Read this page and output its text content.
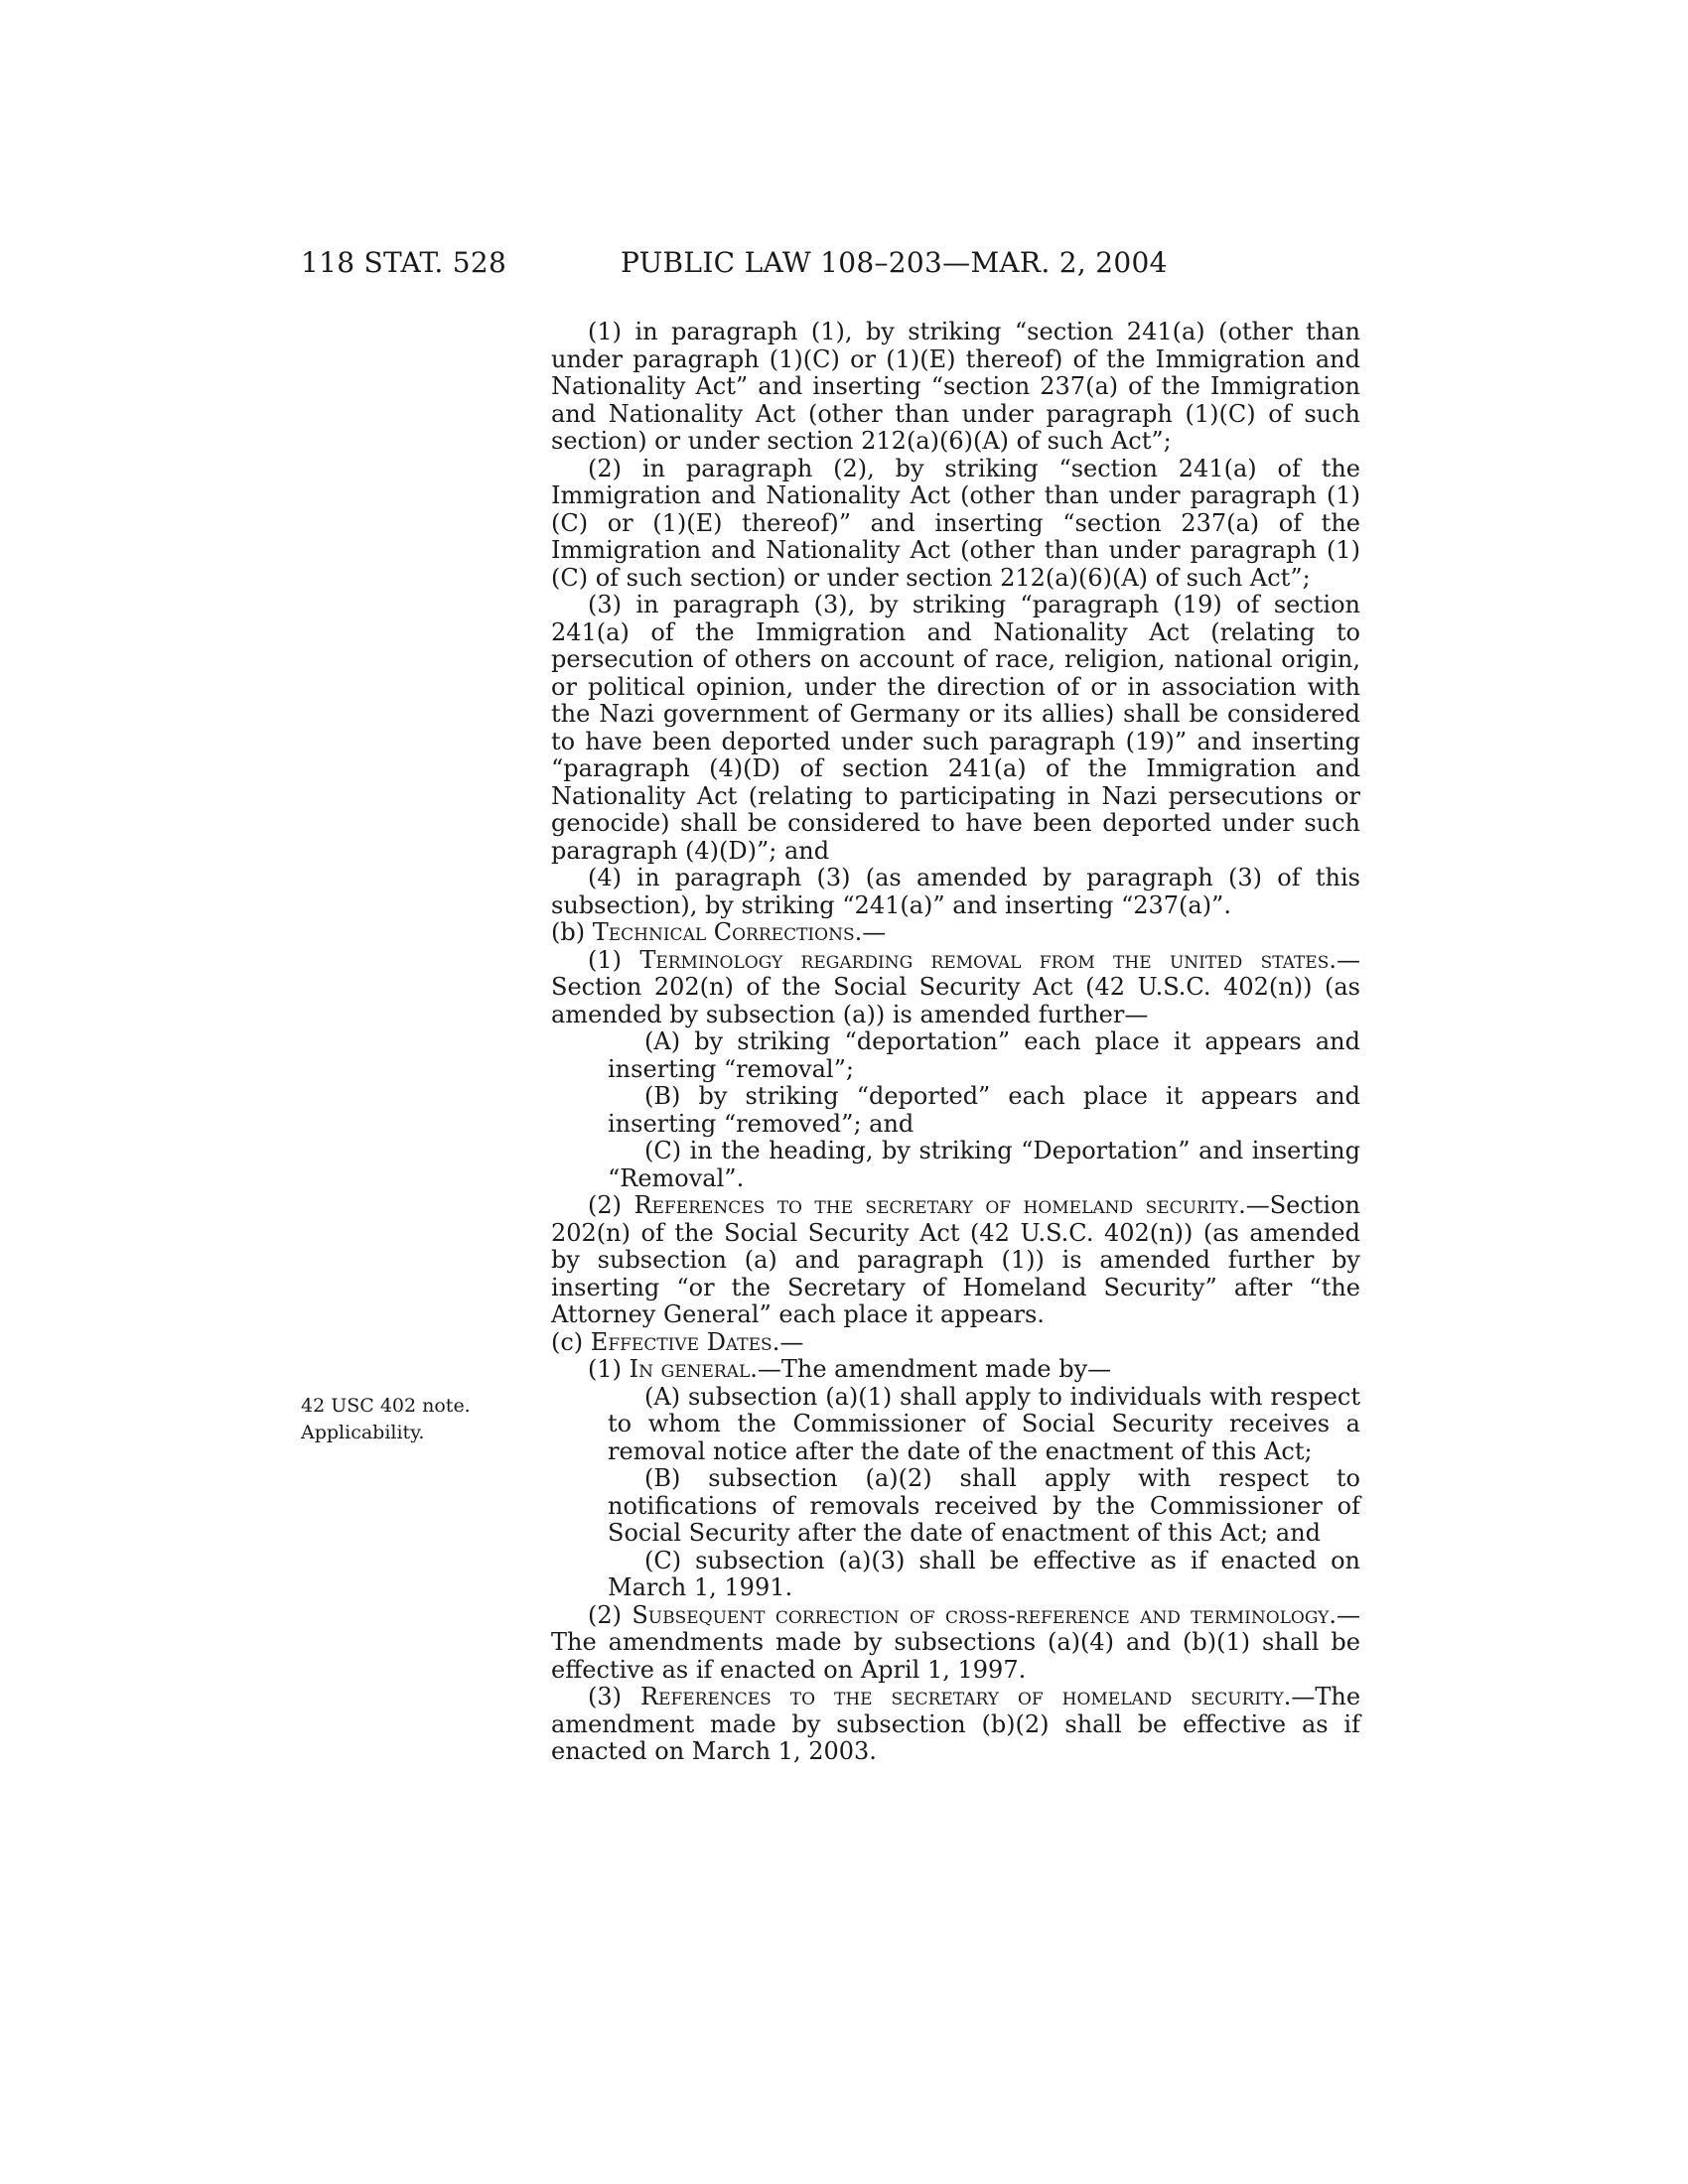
118 STAT. 528	PUBLIC LAW 108–203—MAR. 2, 2004
42 USC 402 note.
Applicability.

(1) in paragraph (1), by striking “section 241(a) (other than under paragraph (1)(C) or (1)(E) thereof) of the Immigration and Nationality Act” and inserting “section 237(a) of the Immigration and Nationality Act (other than under paragraph (1)(C) of such section) or under section 212(a)(6)(A) of such Act”;

(2) in paragraph (2), by striking “section 241(a) of the Immigration and Nationality Act (other than under paragraph (1)(C) or (1)(E) thereof)” and inserting “section 237(a) of the Immigration and Nationality Act (other than under paragraph (1)(C) of such section) or under section 212(a)(6)(A) of such Act”;

(3) in paragraph (3), by striking “paragraph (19) of section 241(a) of the Immigration and Nationality Act (relating to persecution of others on account of race, religion, national origin, or political opinion, under the direction of or in association with the Nazi government of Germany or its allies) shall be considered to have been deported under such paragraph (19)” and inserting “paragraph (4)(D) of section 241(a) of the Immigration and Nationality Act (relating to participating in Nazi persecutions or genocide) shall be considered to have been deported under such paragraph (4)(D)”; and

(4) in paragraph (3) (as amended by paragraph (3) of this subsection), by striking “241(a)” and inserting “237(a)”.

(b) Technical Corrections.—

(1) Terminology regarding removal from the united states.—Section 202(n) of the Social Security Act (42 U.S.C. 402(n)) (as amended by subsection (a)) is amended further—

(A) by striking “deportation” each place it appears and inserting “removal”;

(B) by striking “deported” each place it appears and inserting “removed”; and

(C) in the heading, by striking “Deportation” and inserting “Removal”.

(2) References to the secretary of homeland security.—Section 202(n) of the Social Security Act (42 U.S.C. 402(n)) (as amended by subsection (a) and paragraph (1)) is amended further by inserting “or the Secretary of Homeland Security” after “the Attorney General” each place it appears.

(c) Effective Dates.—

(1) In general.—The amendment made by—

(A) subsection (a)(1) shall apply to individuals with respect to whom the Commissioner of Social Security receives a removal notice after the date of the enactment of this Act;

(B) subsection (a)(2) shall apply with respect to notifications of removals received by the Commissioner of Social Security after the date of enactment of this Act; and

(C) subsection (a)(3) shall be effective as if enacted on March 1, 1991.

(2) Subsequent correction of cross-reference and terminology.—The amendments made by subsections (a)(4) and (b)(1) shall be effective as if enacted on April 1, 1997.

(3) References to the secretary of homeland security.—The amendment made by subsection (b)(2) shall be effective as if enacted on March 1, 2003.
